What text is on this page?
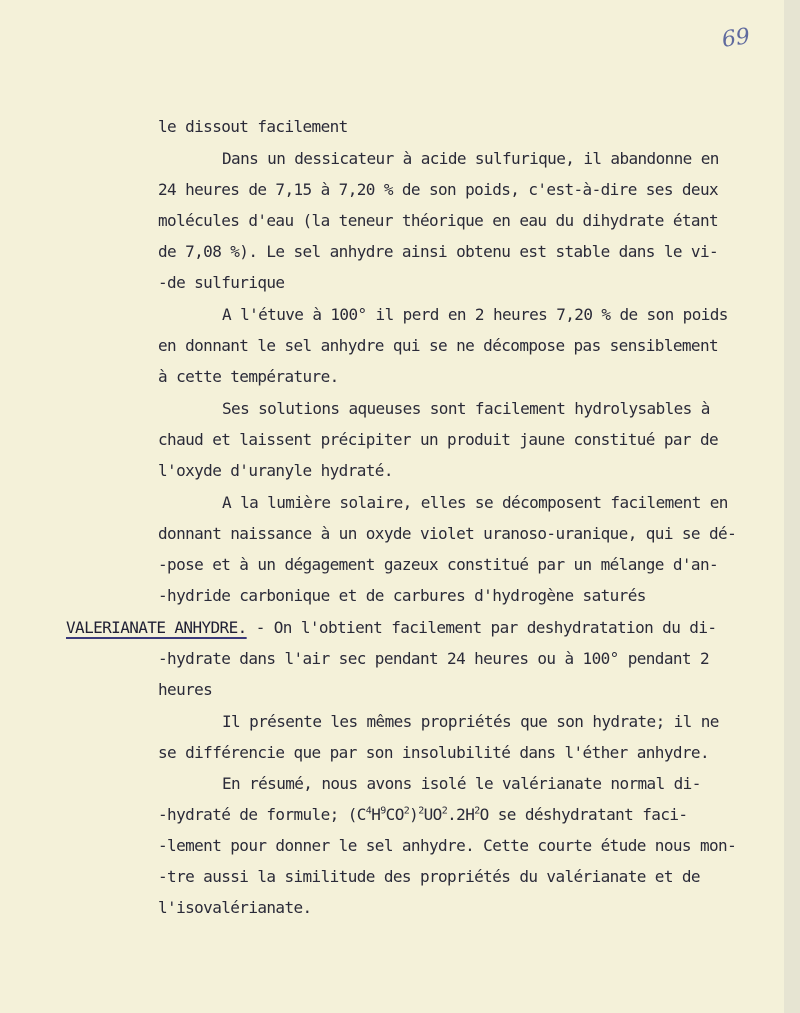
69
le dissout facilement
Dans un dessicateur à acide sulfurique, il abandonne en
24 heures de 7,15 à 7,20 % de son poids, c'est-à-dire ses deux
molécules d'eau (la teneur théorique en eau du dihydrate étant
de 7,08 %). Le sel anhydre ainsi obtenu est stable dans le vi-
-de sulfurique
A l'étuve à 100° il perd en 2 heures 7,20 % de son poids
en donnant le sel anhydre qui se ne décompose pas sensiblement
à cette température.
Ses solutions aqueuses sont facilement hydrolysables à
chaud et laissent précipiter un produit jaune constitué par de
l'oxyde d'uranyle hydraté.
A la lumière solaire, elles se décomposent facilement en
donnant naissance à un oxyde violet uranoso-uranique, qui se dé-
-pose et à un dégagement gazeux constitué par un mélange d'an-
-hydride carbonique et de carbures d'hydrogène saturés
VALERIANATE ANHYDRE. - On l'obtient facilement par deshydratation du di-
-hydrate dans l'air sec pendant 24 heures ou à 100° pendant 2
heures
Il présente les mêmes propriétés que son hydrate; il ne
se différencie que par son insolubilité dans l'éther anhydre.
En résumé, nous avons isolé le valérianate normal di-
-hydraté de formule; $(C^4H^9CO^2)^2UO^2.2H^2O$ se déshydratant faci-
-lement pour donner le sel anhydre. Cette courte étude nous mon-
-tre aussi la similitude des propriétés du valérianate et de
l'isovalérianate.
